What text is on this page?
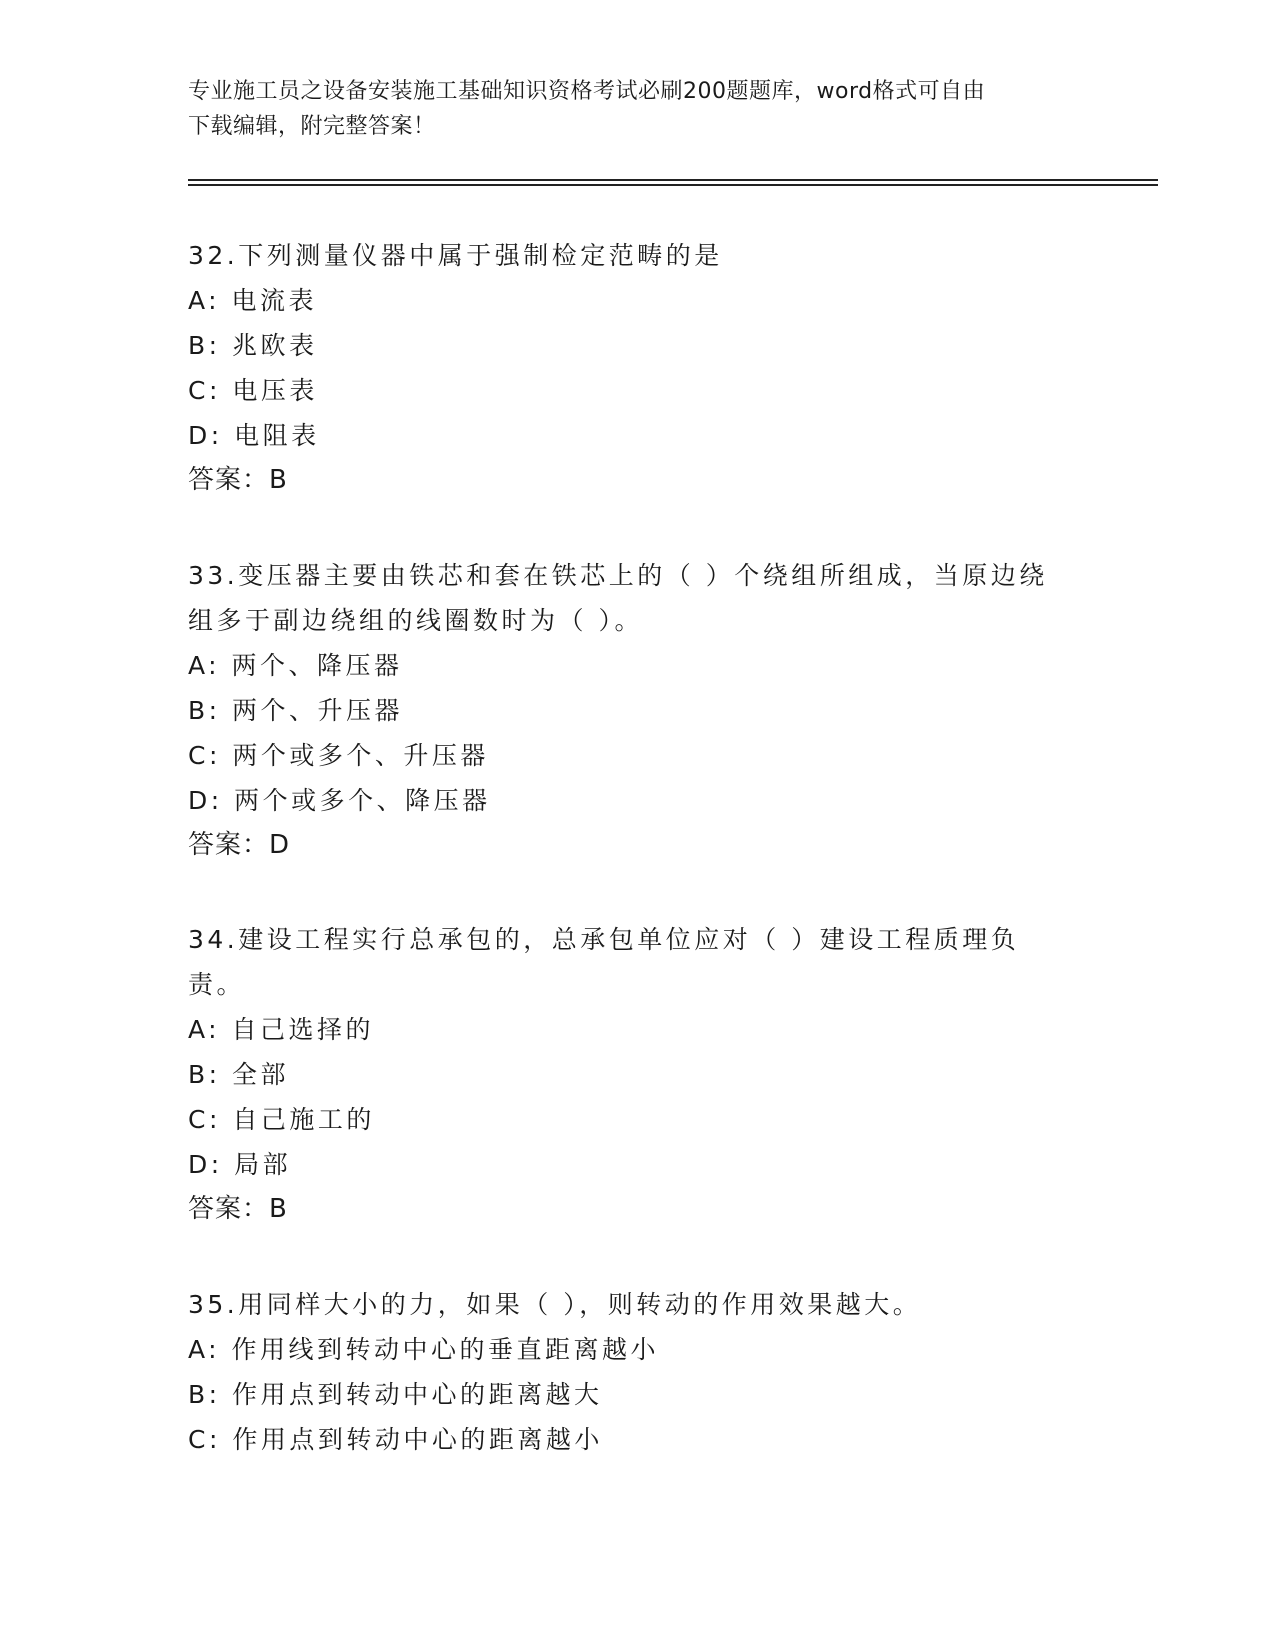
专业施工员之设备安装施工基础知识资格考试必刷200题题库，word格式可自由
下载编辑，附完整答案！

32.下列测量仪器中属于强制检定范畴的是

A: 电流表

B: 兆欧表

C: 电压表

D: 电阻表

答案：B

33.变压器主要由铁芯和套在铁芯上的（ ）个绕组所组成，当原边绕组多于副边绕组的线圈数时为（ ）。

A: 两个、降压器

B: 两个、升压器

C: 两个或多个、升压器

D: 两个或多个、降压器

答案：D

34.建设工程实行总承包的，总承包单位应对（ ）建设工程质理负责。

A: 自己选择的

B: 全部

C: 自己施工的

D: 局部

答案：B

35.用同样大小的力，如果（ ），则转动的作用效果越大。

A: 作用线到转动中心的垂直距离越小

B: 作用点到转动中心的距离越大

C: 作用点到转动中心的距离越小
